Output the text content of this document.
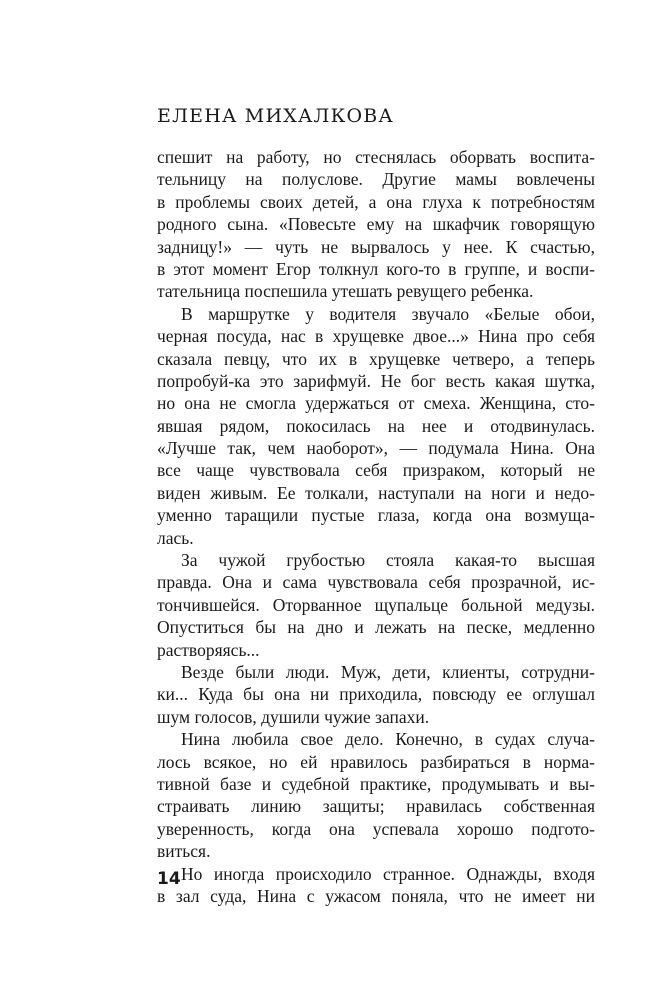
ЕЛЕНА МИХАЛКОВА
спешит на работу, но стеснялась оборвать воспита-
тельницу на полуслове. Другие мамы вовлечены
в проблемы своих детей, а она глуха к потребностям
родного сына. «Повесьте ему на шкафчик говорящую
задницу!» — чуть не вырвалось у нее. К счастью,
в этот момент Егор толкнул кого-то в группе, и воспи-
тательница поспешила утешать ревущего ребенка.
В маршрутке у водителя звучало «Белые обои,
черная посуда, нас в хрущевке двое...» Нина про себя
сказала певцу, что их в хрущевке четверо, а теперь
попробуй-ка это зарифмуй. Не бог весть какая шутка,
но она не смогла удержаться от смеха. Женщина, сто-
явшая рядом, покосилась на нее и отодвинулась.
«Лучше так, чем наоборот», — подумала Нина. Она
все чаще чувствовала себя призраком, который не
виден живым. Ее толкали, наступали на ноги и недо-
уменно таращили пустые глаза, когда она возмуща-
лась.
За чужой грубостью стояла какая-то высшая
правда. Она и сама чувствовала себя прозрачной, ис-
тончившейся. Оторванное щупальце больной медузы.
Опуститься бы на дно и лежать на песке, медленно
растворяясь...
Везде были люди. Муж, дети, клиенты, сотрудни-
ки... Куда бы она ни приходила, повсюду ее оглушал
шум голосов, душили чужие запахи.
Нина любила свое дело. Конечно, в судах случа-
лось всякое, но ей нравилось разбираться в норма-
тивной базе и судебной практике, продумывать и вы-
страивать линию защиты; нравилась собственная
уверенность, когда она успевала хорошо подгото-
виться.
Но иногда происходило странное. Однажды, входя
в зал суда, Нина с ужасом поняла, что не имеет ни
14
